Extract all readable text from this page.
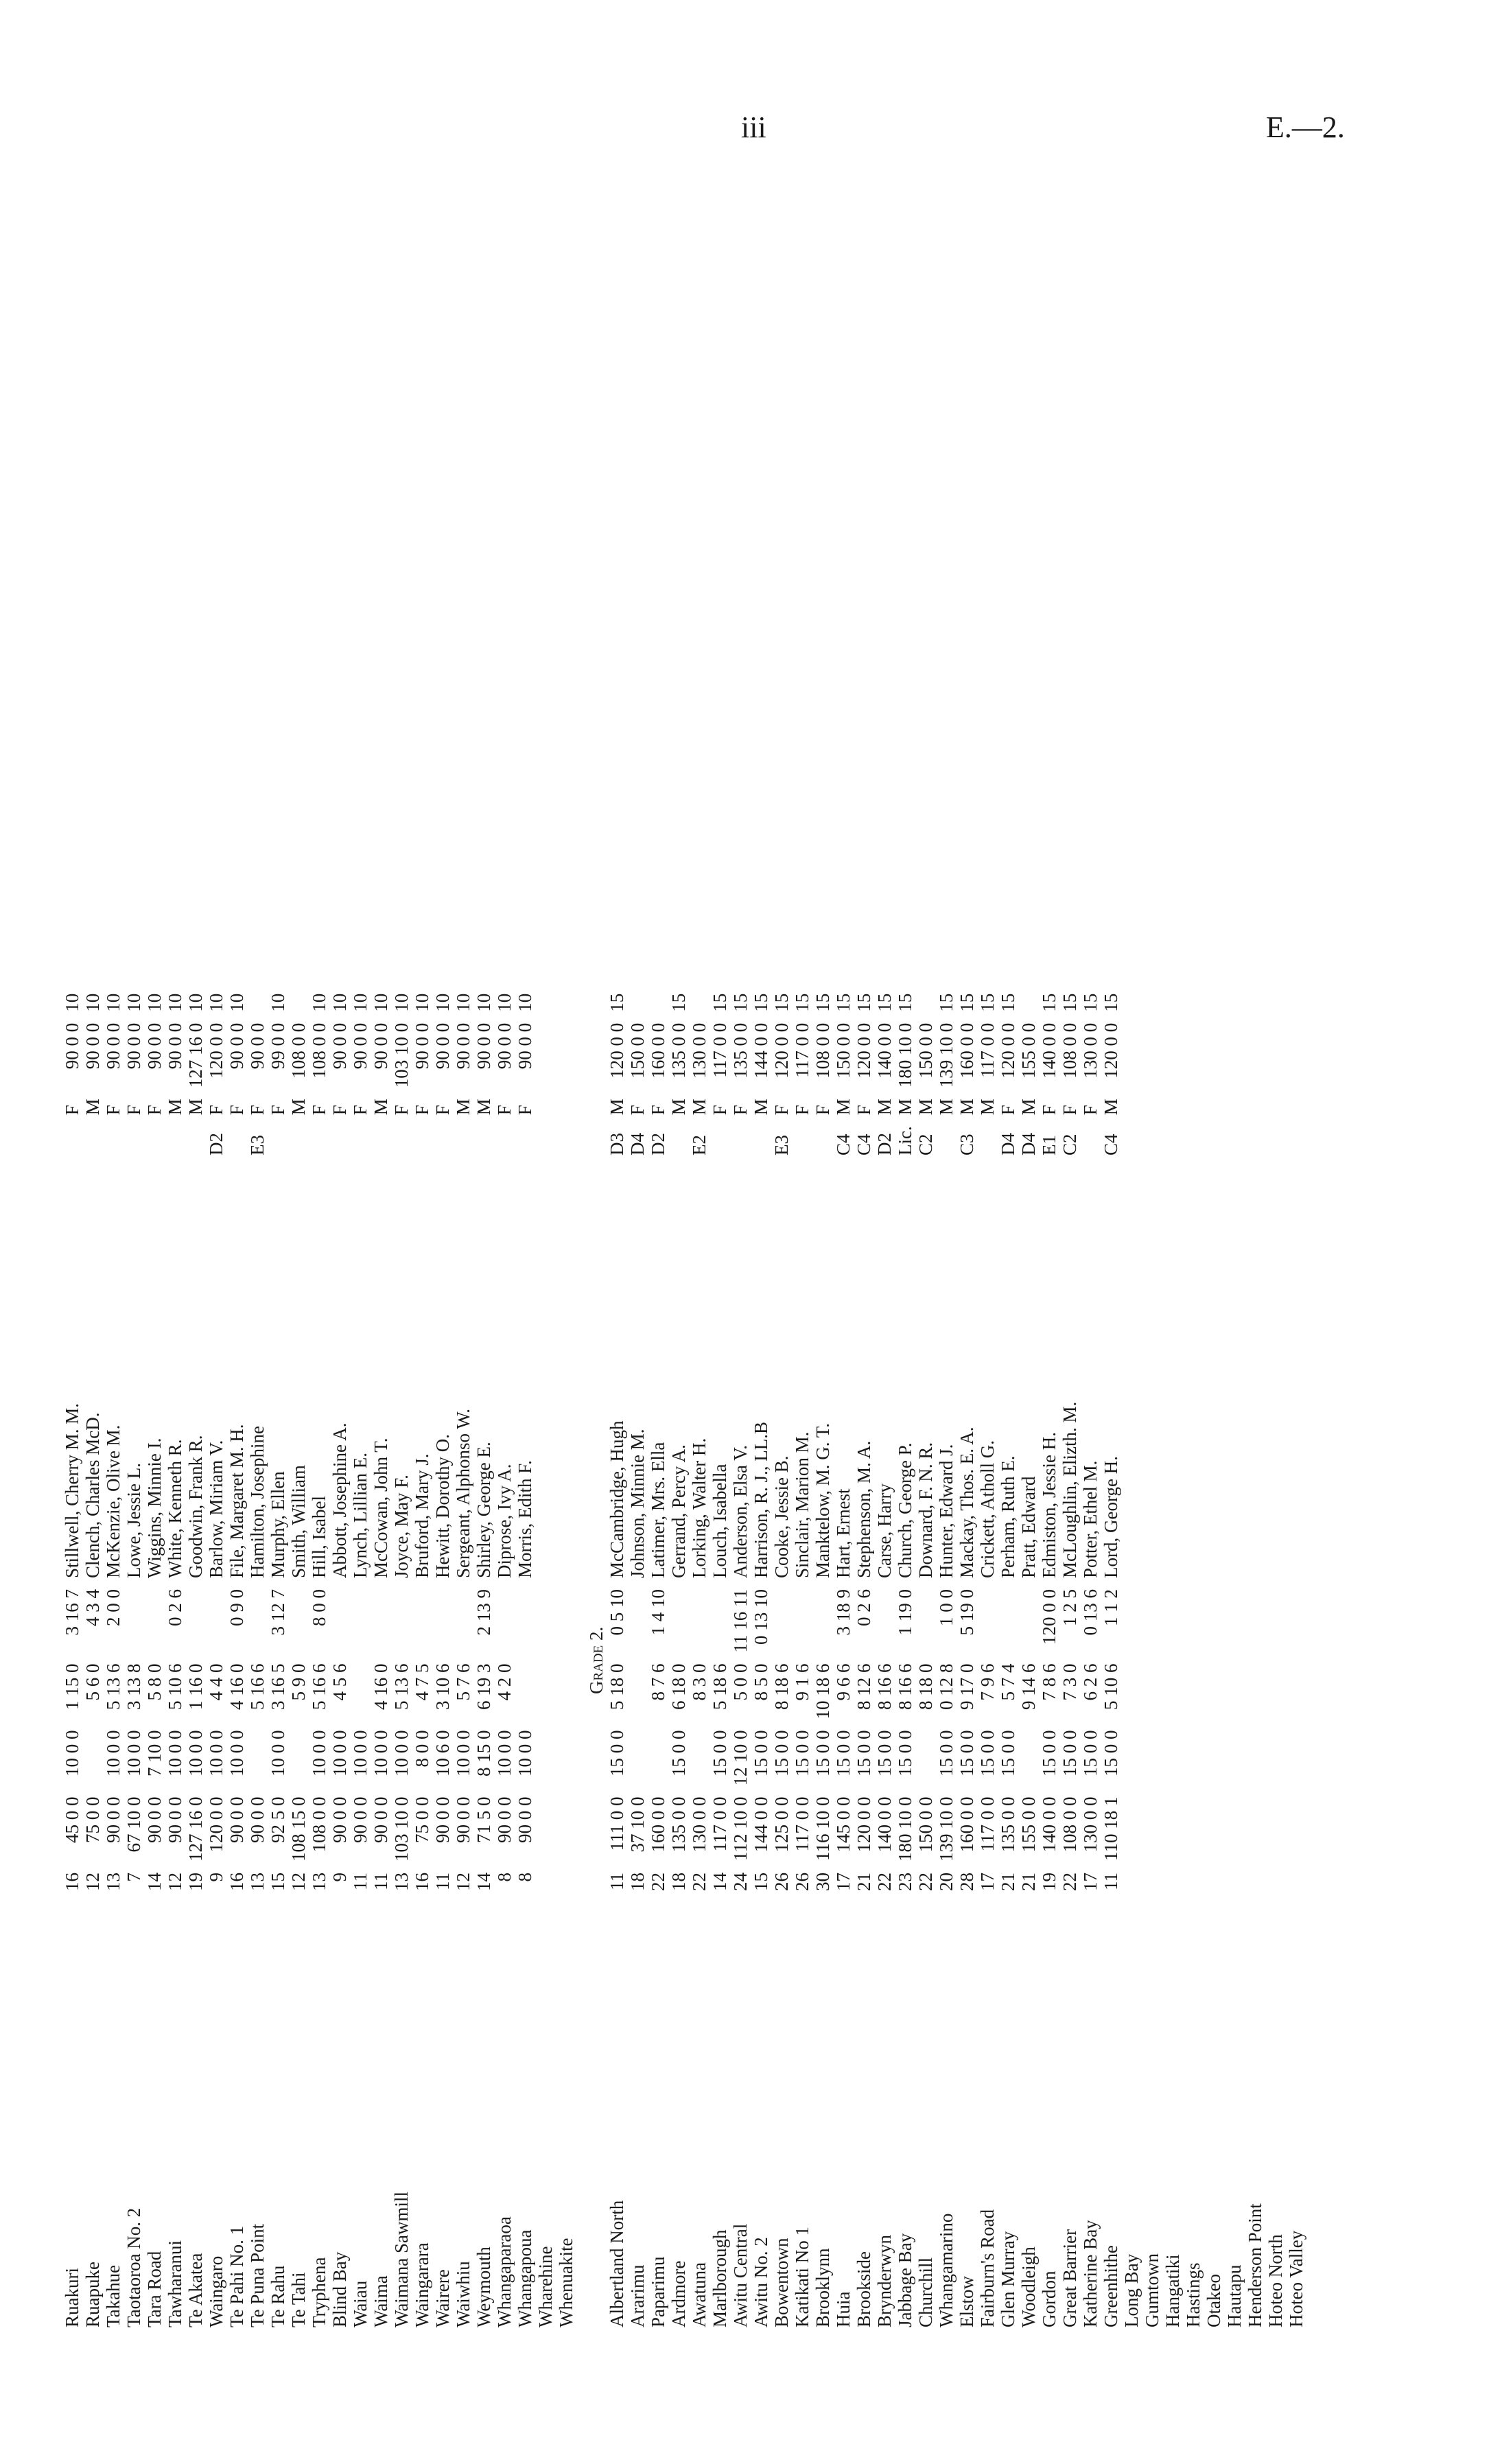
iii	E.—2.
Ruakuri	16	45 0 0	10 0 0	1 15 0	3 16 7	Stillwell, Cherry M. M.		F	90 0 0	10
Ruapuke	12	75 0 0		5 6 0	4 3 4	Clench, Charles McD.		M	90 0 0	10
Takahue	13	90 0 0	10 0 0	5 13 6	2 0 0	McKenzie, Olive M.		F	90 0 0	10
Taotaoroa No. 2	7	67 10 0	10 0 0	3 13 8		Lowe, Jessie L.		F	90 0 0	10
Tara Road	14	90 0 0	7 10 0	5 8 0		Wiggins, Minnie I.		F	90 0 0	10
Tawharanui	12	90 0 0	10 0 0	5 10 6	0 2 6	White, Kenneth R.		M	90 0 0	10
Te Akatea	19	127 16 0	10 0 0	1 16 0		Goodwin, Frank R.		M	127 16 0	10
Waingaro	9	120 0 0	10 0 0	4 4 0		Barlow, Miriam V.	D2	F	120 0 0	10
Te Pahi No. 1	16	90 0 0	10 0 0	4 16 0	0 9 0	File, Margaret M. H.		F	90 0 0	10
Te Puna Point	13	90 0 0		5 16 6		Hamilton, Josephine	E3	F	90 0 0	
Te Rahu	15	92 5 0	10 0 0	3 16 5	3 12 7	Murphy, Ellen		F	99 0 0	10
Te Tahi	12	108 15 0		5 9 0		Smith, William		M	108 0 0	
Tryphena	13	108 0 0	10 0 0	5 16 6	8 0 0	Hill, Isabel		F	108 0 0	10
Blind Bay	9	90 0 0	10 0 0	4 5 6		Abbott, Josephine A.		F	90 0 0	10
Waiau	11	90 0 0	10 0 0			Lynch, Lillian E.		F	90 0 0	10
Waima	11	90 0 0	10 0 0	4 16 0		McCowan, John T.		M	90 0 0	10
Waimana Sawmill	13	103 10 0	10 0 0	5 13 6		Joyce, May F.		F	103 10 0	10
Waingarara	16	75 0 0	8 0 0	4 7 5		Bruford, Mary J.		F	90 0 0	10
Wairere	11	90 0 0	10 6 0	3 10 6		Hewitt, Dorothy O.		F	90 0 0	10
Waiwhiu	12	90 0 0	10 0 0	5 7 6		Sergeant, Alphonso W.		M	90 0 0	10
Weymouth	14	71 5 0	8 15 0	6 19 3	2 13 9	Shirley, George E.		M	90 0 0	10
Whangaparaoa	8	90 0 0	10 0 0	4 2 0		Diprose, Ivy A.		F	90 0 0	10
Whangapoua	8	90 0 0	10 0 0			Morris, Edith F.		F	90 0 0	10
Wharehine										
Whenuakite										
Grade 2.										
Albertland North	11	111 0 0	15 0 0	5 18 0	0 5 10	McCambridge, Hugh	D3	M	120 0 0	15
Ararimu	18	37 10 0				Johnson, Minnie M.	D4	F	150 0 0	
Paparimu	22	160 0 0		8 7 6	1 4 10	Latimer, Mrs. Ella	D2	F	160 0 0	
Ardmore	18	135 0 0	15 0 0	6 18 0		Gerrand, Percy A.		M	135 0 0	15
Awatuna	22	130 0 0		8 3 0		Lorking, Walter H.	E2	M	130 0 0	
Marlborough	14	117 0 0	15 0 0	5 18 6		Louch, Isabella		F	117 0 0	15
Awitu Central	24	112 10 0	12 10 0	5 0 0	11 16 11	Anderson, Elsa V.		F	135 0 0	15
Awitu No. 2	15	144 0 0	15 0 0	8 5 0	0 13 10	Harrison, R. J., LL.B		M	144 0 0	15
Bowentown	26	125 0 0	15 0 0	8 18 6		Cooke, Jessie B.	E3	F	120 0 0	15
Katikati No 1	26	117 0 0	15 0 0	9 1 6		Sinclair, Marion M.		F	117 0 0	15
Brooklynn	30	116 10 0	15 0 0	10 18 6		Manktelow, M. G. T.		F	108 0 0	15
Huia	17	145 0 0	15 0 0	9 6 6	3 18 9	Hart, Ernest	C4	M	150 0 0	15
Brookside	21	120 0 0	15 0 0	8 12 6	0 2 6	Stephenson, M. A.	C4	F	120 0 0	15
Brynderwyn	22	140 0 0	15 0 0	8 16 6		Carse, Harry	D2	M	140 0 0	15
Jabbage Bay	23	180 10 0	15 0 0	8 16 6	1 19 0	Church, George P.	Lic.	M	180 10 0	15
Churchill	22	150 0 0		8 18 0		Downard, F. N. R.	C2	M	150 0 0	
Whangamarino	20	139 10 0	15 0 0	0 12 8	1 0 0	Hunter, Edward J.		M	139 10 0	15
Elstow	28	160 0 0	15 0 0	9 17 0	5 19 0	Mackay, Thos. E. A.	C3	M	160 0 0	15
Fairburn's Road	17	117 0 0	15 0 0	7 9 6		Crickett, Atholl G.		M	117 0 0	15
Glen Murray	21	135 0 0	15 0 0	5 7 4		Perham, Ruth E.	D4	F	120 0 0	15
Woodleigh	21	155 0 0		9 14 6		Pratt, Edward	D4	M	155 0 0	
Gordon	19	140 0 0	15 0 0	7 8 6	120 0 0	Edmiston, Jessie H.	E1	F	140 0 0	15
Great Barrier	22	108 0 0	15 0 0	7 3 0	1 2 5	McLoughlin, Elizth. M.	C2	F	108 0 0	15
Katherine Bay	17	130 0 0	15 0 0	6 2 6	0 13 6	Potter, Ethel M.		F	130 0 0	15
Greenhithe	11	110 18 1	15 0 0	5 10 6	1 1 2	Lord, George H.	C4	M	120 0 0	15
Long Bay										
Gumtown										
Hangatiki										
Hastings										
Otakeo										
Hautapu										
Henderson Point										
Hoteo North										
Hoteo Valley										
